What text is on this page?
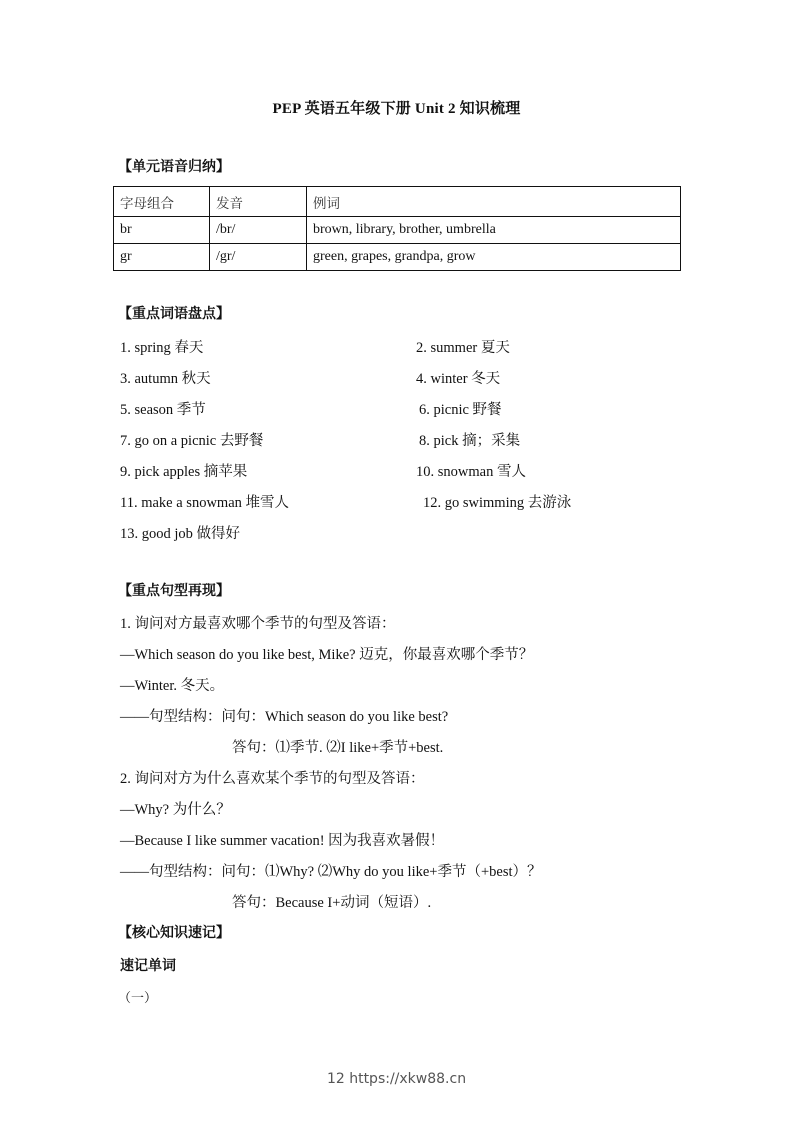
PEP 英语五年级下册 Unit 2 知识梳理
【单元语音归纳】
字母组合	发音	例词
br	/br/	brown, library, brother, umbrella
gr	/gr/	green, grapes, grandpa, grow
【重点词语盘点】
1. spring 春天	2. summer 夏天
3. autumn 秋天	4. winter 冬天
5. season 季节	6. picnic 野餐
7. go on a picnic 去野餐	8. pick 摘；采集
9. pick apples 摘苹果	10. snowman 雪人
11. make a snowman 堆雪人	12. go swimming 去游泳
13. good job 做得好
【重点句型再现】
1. 询问对方最喜欢哪个季节的句型及答语：
—Which season do you like best, Mike? 迈克，你最喜欢哪个季节？
—Winter. 冬天。
——句型结构：问句：Which season do you like best?
答句：⑴季节. ⑵I like+季节+best.
2. 询问对方为什么喜欢某个季节的句型及答语：
—Why? 为什么？
—Because I like summer vacation! 因为我喜欢暑假！
——句型结构：问句：⑴Why? ⑵Why do you like+季节（+best）？
答句：Because I+动词（短语）.
【核心知识速记】
速记单词
（一）
12 https://xkw88.cn
